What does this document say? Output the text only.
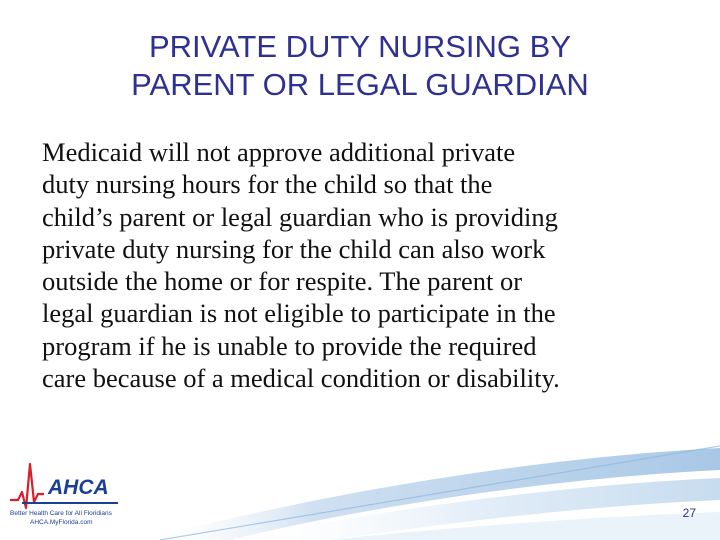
PRIVATE DUTY NURSING BY
PARENT OR LEGAL GUARDIAN
Medicaid will not approve additional private
duty nursing hours for the child so that the
child’s parent or legal guardian who is providing
private duty nursing for the child can also work
outside the home or for respite. The parent or
legal guardian is not eligible to participate in the
program if he is unable to provide the required
care because of a medical condition or disability.
AHCA
Better Health Care for All Floridians
AHCA.MyFlorida.com
27
